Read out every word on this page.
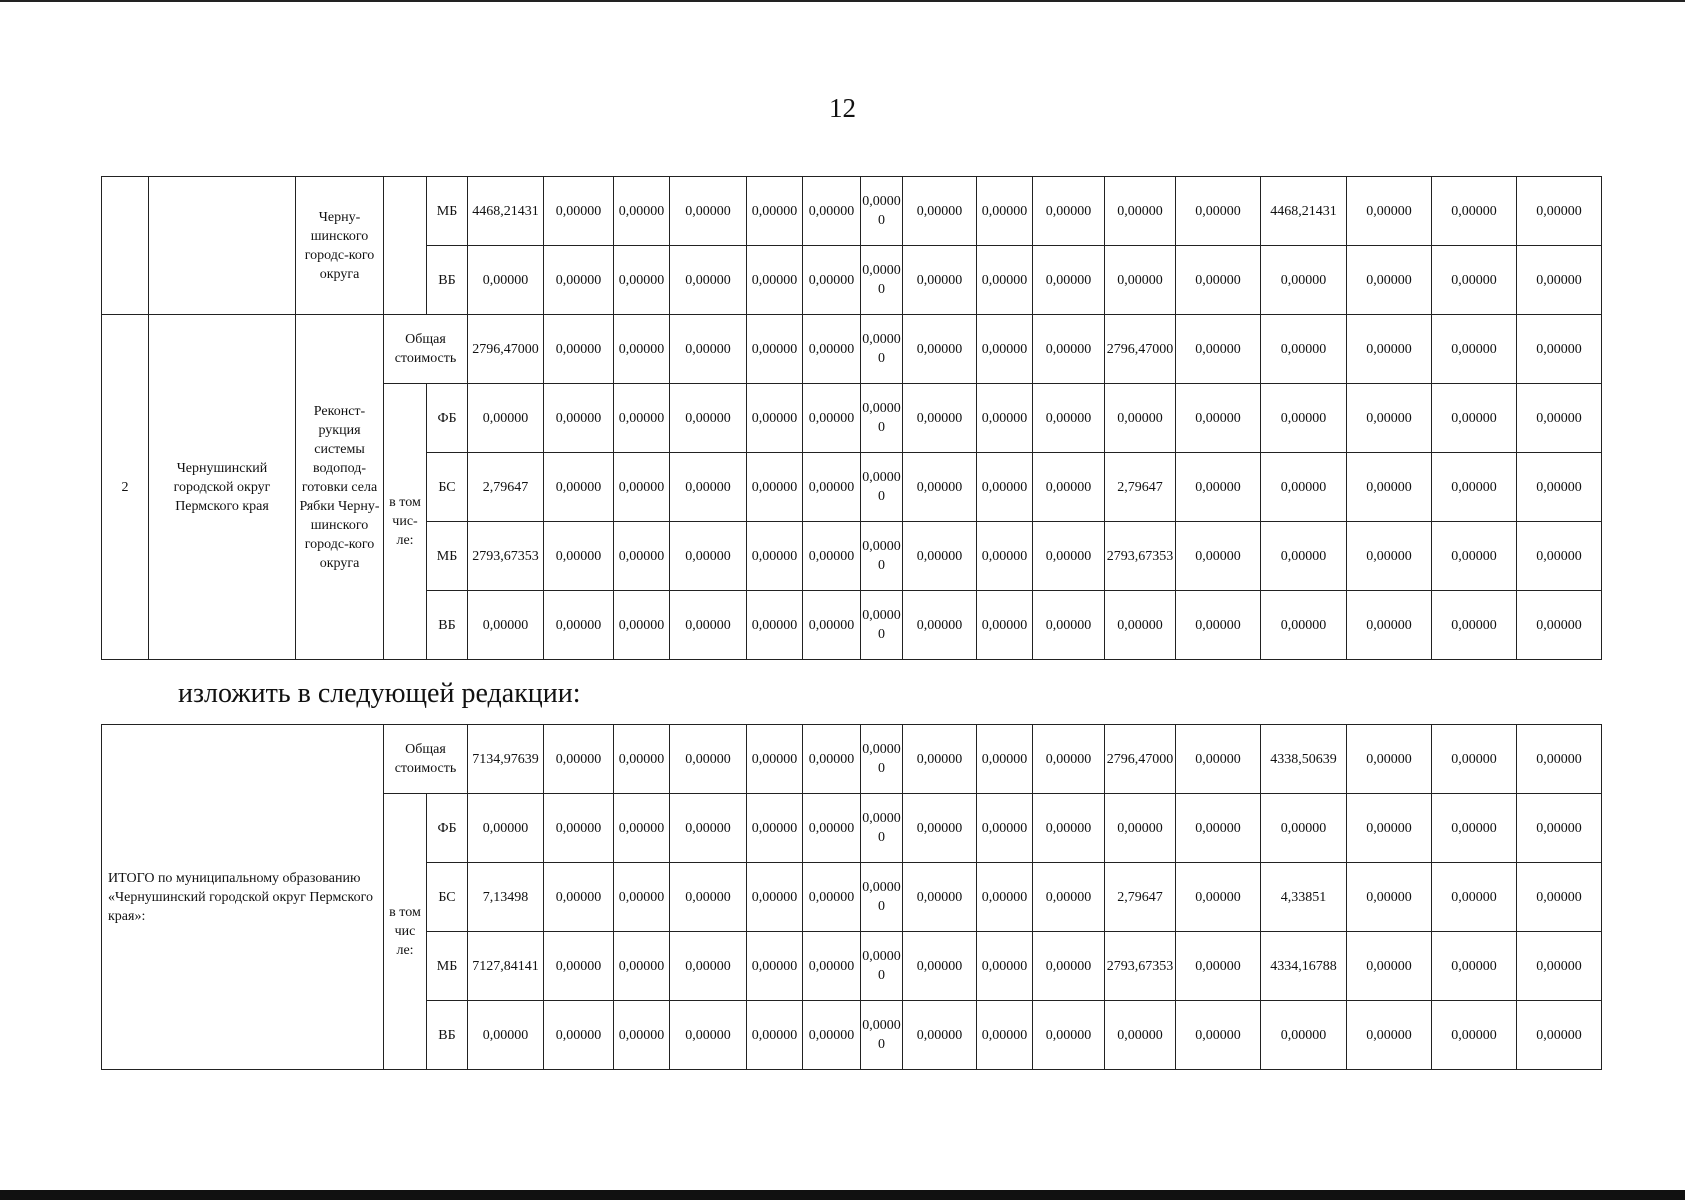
12
		Черну-шинского городс-кого округа		МБ	4468,21431	0,00000	0,00000	0,00000	0,00000	0,00000	0,00000	0,00000	0,00000	0,00000	0,00000	0,00000	4468,21431	0,00000	0,00000	0,00000
				ВБ	0,00000	0,00000	0,00000	0,00000	0,00000	0,00000	0,00000	0,00000	0,00000	0,00000	0,00000	0,00000	0,00000	0,00000	0,00000	0,00000
2	Чернушинский городской округ Пермского края	Реконст-рукция системы водопод-готовки села Рябки Черну-шинского городс-кого округа	Общая стоимость		2796,47000	0,00000	0,00000	0,00000	0,00000	0,00000	0,00000	0,00000	0,00000	0,00000	2796,47000	0,00000	0,00000	0,00000	0,00000	0,00000
			в том чис-ле:	ФБ	0,00000	0,00000	0,00000	0,00000	0,00000	0,00000	0,00000	0,00000	0,00000	0,00000	0,00000	0,00000	0,00000	0,00000	0,00000	0,00000
				БС	2,79647	0,00000	0,00000	0,00000	0,00000	0,00000	0,00000	0,00000	0,00000	0,00000	2,79647	0,00000	0,00000	0,00000	0,00000	0,00000
				МБ	2793,67353	0,00000	0,00000	0,00000	0,00000	0,00000	0,00000	0,00000	0,00000	0,00000	2793,67353	0,00000	0,00000	0,00000	0,00000	0,00000
				ВБ	0,00000	0,00000	0,00000	0,00000	0,00000	0,00000	0,00000	0,00000	0,00000	0,00000	0,00000	0,00000	0,00000	0,00000	0,00000	0,00000
изложить в следующей редакции:
ИТОГО по муниципальному образованию «Чернушинский городской округ Пермского края»:	Общая стоимость		7134,97639	0,00000	0,00000	0,00000	0,00000	0,00000	0,00000	0,00000	0,00000	0,00000	2796,47000	0,00000	4338,50639	0,00000	0,00000	0,00000
	в том чис ле:	ФБ	0,00000	0,00000	0,00000	0,00000	0,00000	0,00000	0,00000	0,00000	0,00000	0,00000	0,00000	0,00000	0,00000	0,00000	0,00000	0,00000
		БС	7,13498	0,00000	0,00000	0,00000	0,00000	0,00000	0,00000	0,00000	0,00000	0,00000	2,79647	0,00000	4,33851	0,00000	0,00000	0,00000
		МБ	7127,84141	0,00000	0,00000	0,00000	0,00000	0,00000	0,00000	0,00000	0,00000	0,00000	2793,67353	0,00000	4334,16788	0,00000	0,00000	0,00000
		ВБ	0,00000	0,00000	0,00000	0,00000	0,00000	0,00000	0,00000	0,00000	0,00000	0,00000	0,00000	0,00000	0,00000	0,00000	0,00000	0,00000
